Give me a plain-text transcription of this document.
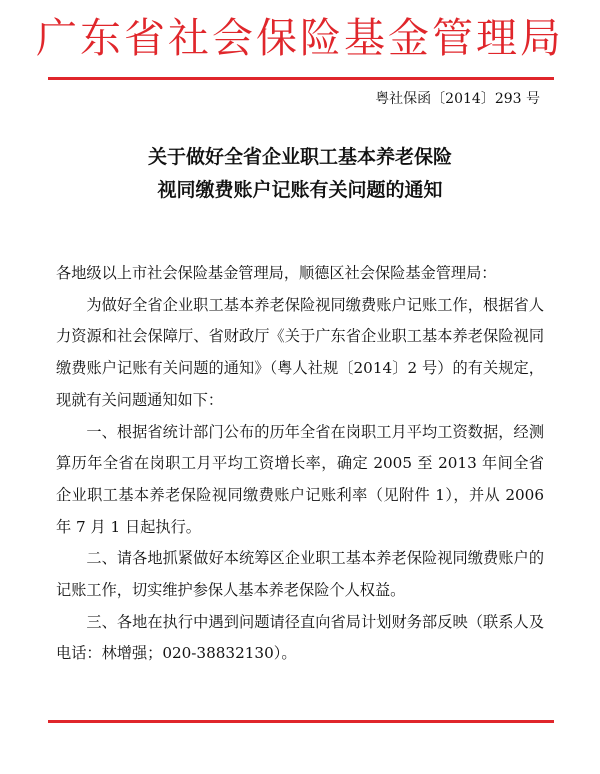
广东省社会保险基金管理局
粤社保函〔2014〕293 号
关于做好全省企业职工基本养老保险
视同缴费账户记账有关问题的通知

各地级以上市社会保险基金管理局，顺德区社会保险基金管理局：

为做好全省企业职工基本养老保险视同缴费账户记账工作，根据省人力资源和社会保障厅、省财政厅《关于广东省企业职工基本养老保险视同缴费账户记账有关问题的通知》（粤人社规〔2014〕2 号）的有关规定，现就有关问题通知如下：

一、根据省统计部门公布的历年全省在岗职工月平均工资数据，经测算历年全省在岗职工月平均工资增长率，确定 2005 至 2013 年间全省企业职工基本养老保险视同缴费账户记账利率（见附件 1），并从 2006 年 7 月 1 日起执行。

二、请各地抓紧做好本统筹区企业职工基本养老保险视同缴费账户的记账工作，切实维护参保人基本养老保险个人权益。

三、各地在执行中遇到问题请径直向省局计划财务部反映（联系人及电话：林增强；020-38832130）。
